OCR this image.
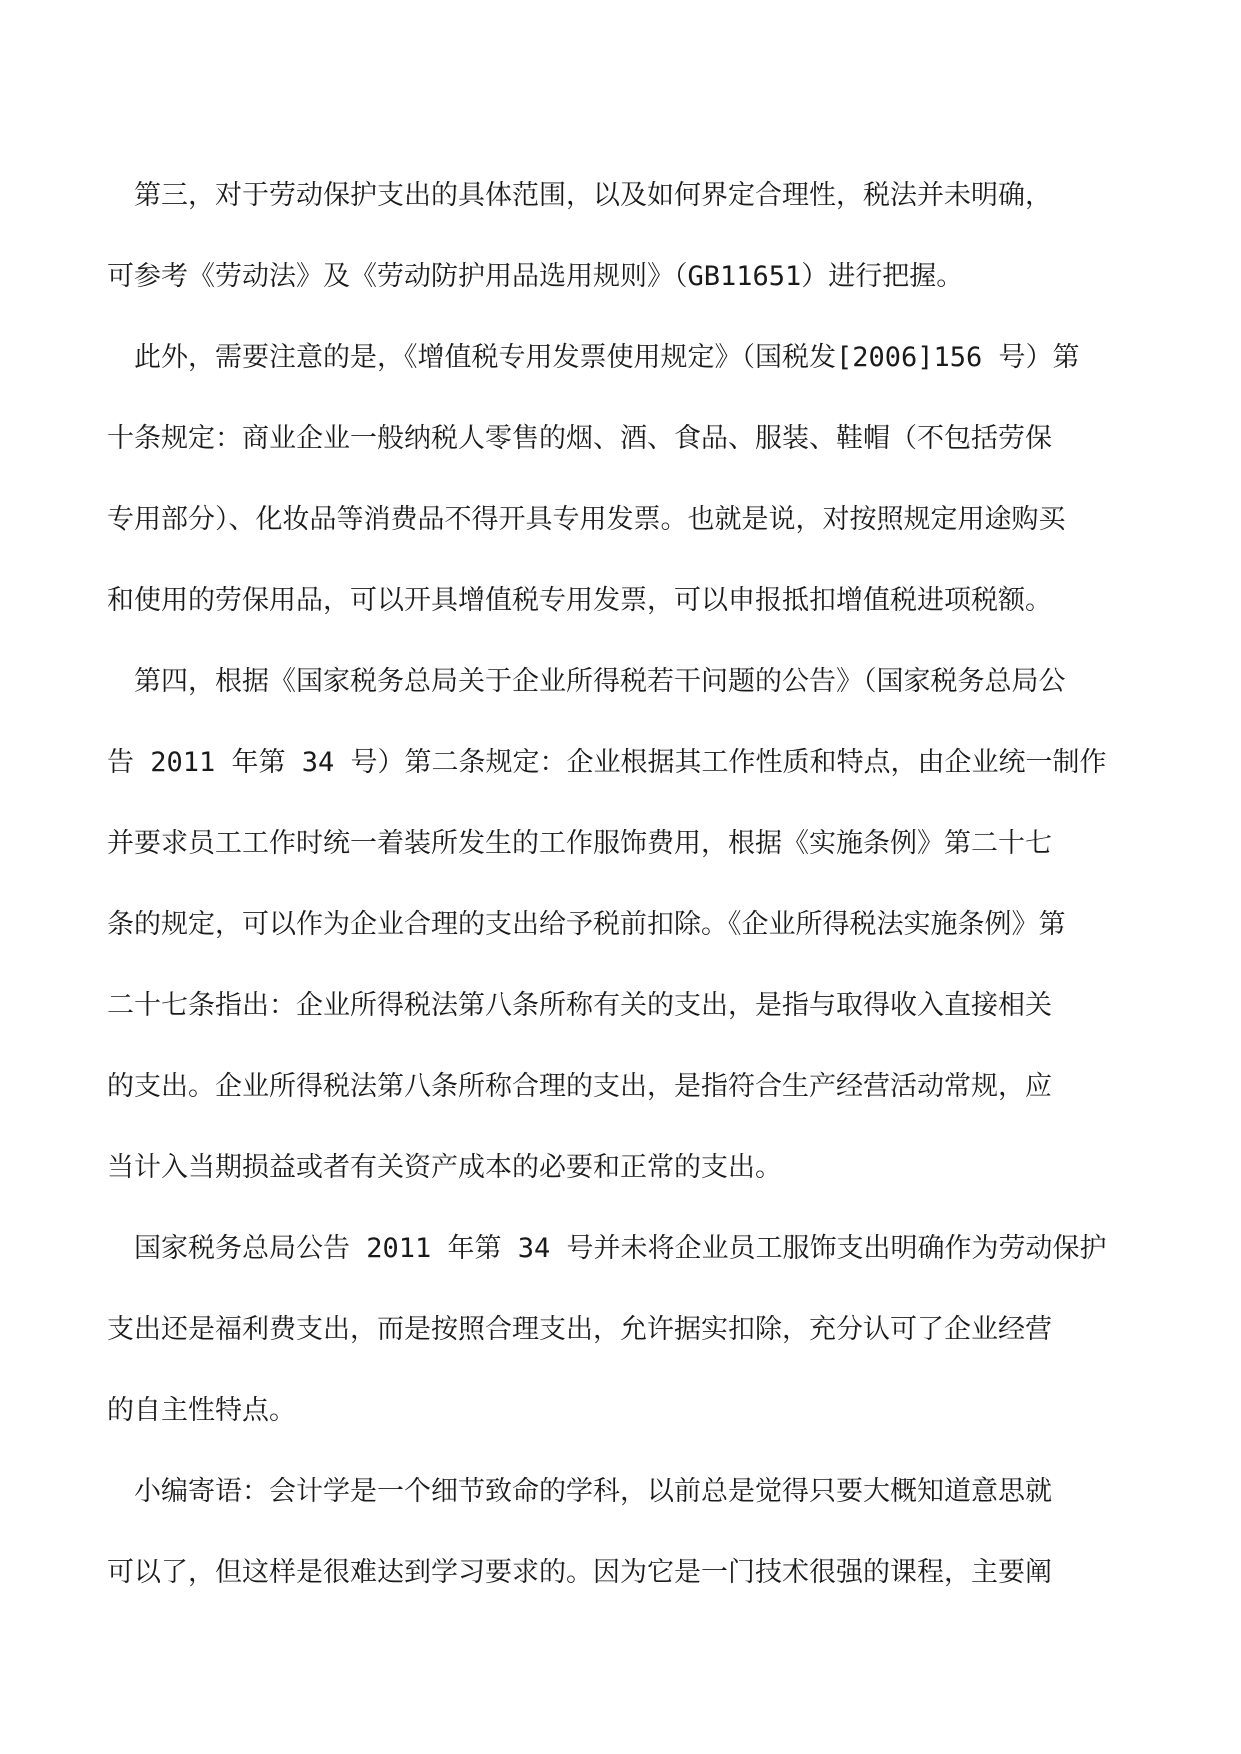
第三，对于劳动保护支出的具体范围，以及如何界定合理性，税法并未明确，
可参考《劳动法》及《劳动防护用品选用规则》（GB11651）进行把握。
此外，需要注意的是，《增值税专用发票使用规定》（国税发[2006]156 号）第
十条规定：商业企业一般纳税人零售的烟、酒、食品、服装、鞋帽（不包括劳保
专用部分）、化妆品等消费品不得开具专用发票。也就是说，对按照规定用途购买
和使用的劳保用品，可以开具增值税专用发票，可以申报抵扣增值税进项税额。
第四，根据《国家税务总局关于企业所得税若干问题的公告》（国家税务总局公
告 2011 年第 34 号）第二条规定：企业根据其工作性质和特点，由企业统一制作
并要求员工工作时统一着装所发生的工作服饰费用，根据《实施条例》第二十七
条的规定，可以作为企业合理的支出给予税前扣除。《企业所得税法实施条例》第
二十七条指出：企业所得税法第八条所称有关的支出，是指与取得收入直接相关
的支出。企业所得税法第八条所称合理的支出，是指符合生产经营活动常规，应
当计入当期损益或者有关资产成本的必要和正常的支出。
国家税务总局公告 2011 年第 34 号并未将企业员工服饰支出明确作为劳动保护
支出还是福利费支出，而是按照合理支出，允许据实扣除，充分认可了企业经营
的自主性特点。
小编寄语：会计学是一个细节致命的学科，以前总是觉得只要大概知道意思就
可以了，但这样是很难达到学习要求的。因为它是一门技术很强的课程，主要阐
